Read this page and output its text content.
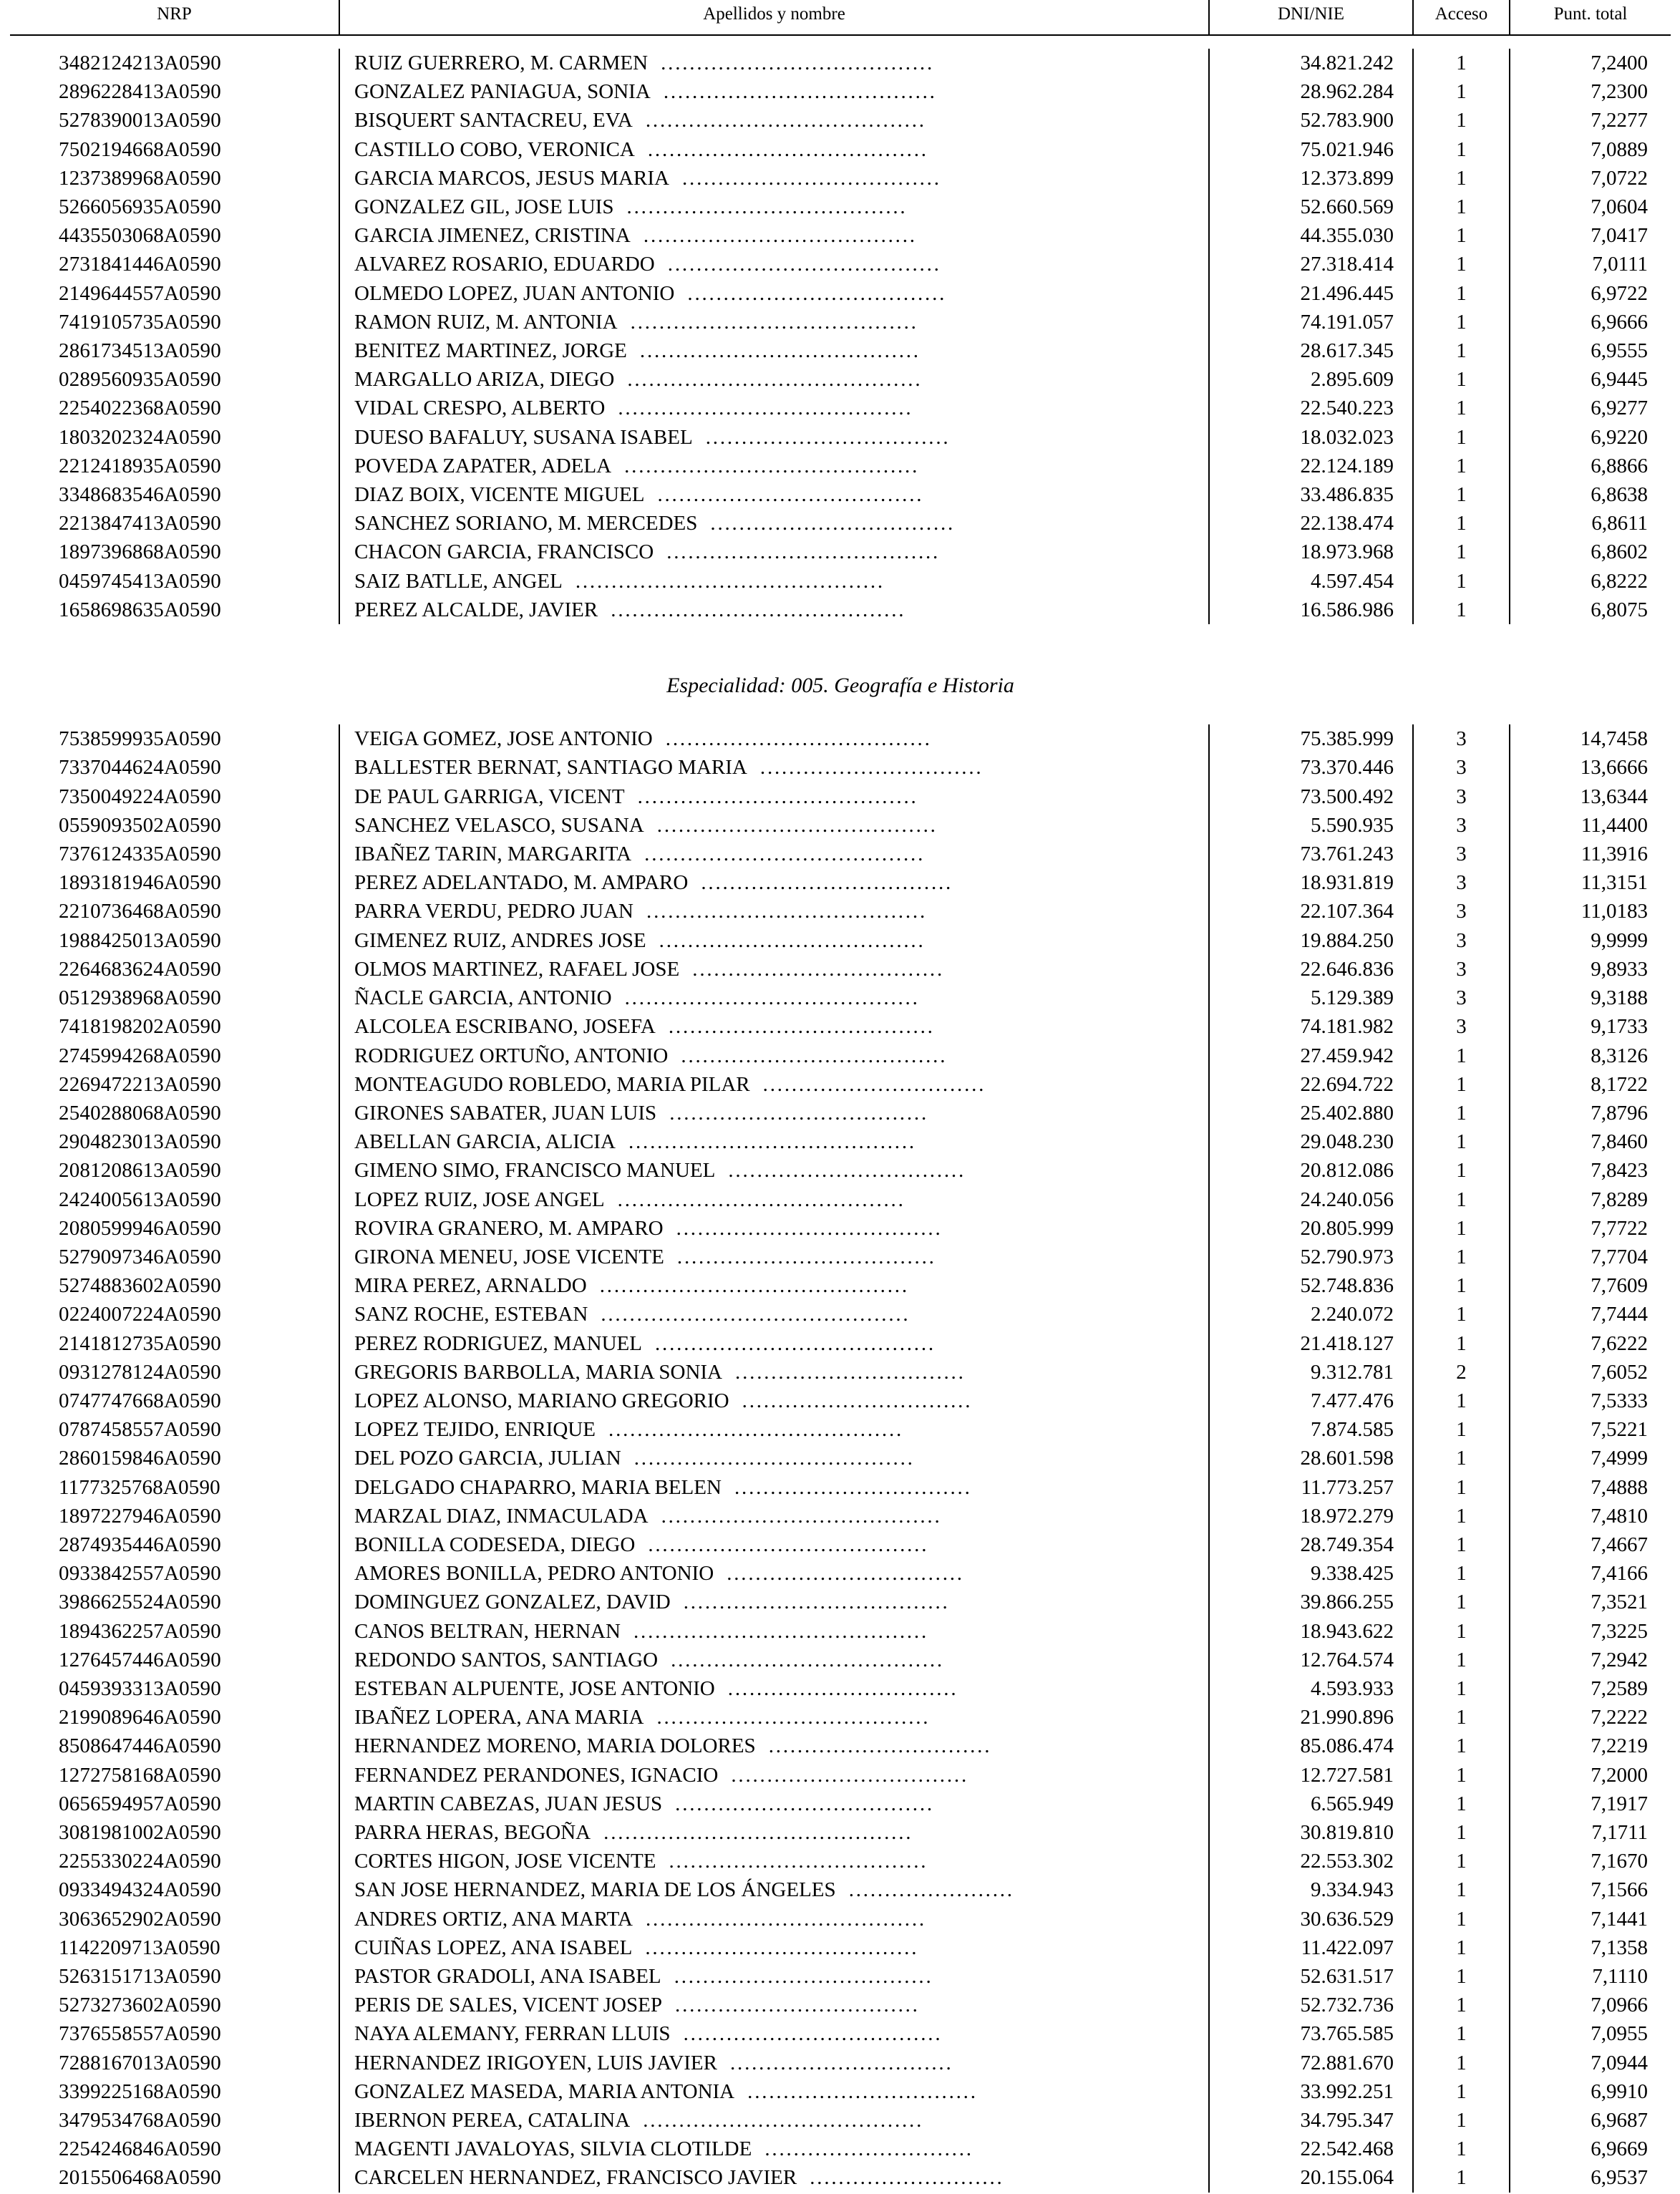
NRP	Apellidos y nombre	DNI/NIE	Acceso	Punt. total

3482124213A0590	RUIZ GUERRERO, M. CARMEN ......................................	34.821.242	1	7,2400
2896228413A0590	GONZALEZ PANIAGUA, SONIA ......................................	28.962.284	1	7,2300
5278390013A0590	BISQUERT SANTACREU, EVA .......................................	52.783.900	1	7,2277
7502194668A0590	CASTILLO COBO, VERONICA .......................................	75.021.946	1	7,0889
1237389968A0590	GARCIA MARCOS, JESUS MARIA ....................................	12.373.899	1	7,0722
5266056935A0590	GONZALEZ GIL, JOSE LUIS .......................................	52.660.569	1	7,0604
4435503068A0590	GARCIA JIMENEZ, CRISTINA ......................................	44.355.030	1	7,0417
2731841446A0590	ALVAREZ ROSARIO, EDUARDO ......................................	27.318.414	1	7,0111
2149644557A0590	OLMEDO LOPEZ, JUAN ANTONIO ....................................	21.496.445	1	6,9722
7419105735A0590	RAMON RUIZ, M. ANTONIA ........................................	74.191.057	1	6,9666
2861734513A0590	BENITEZ MARTINEZ, JORGE .......................................	28.617.345	1	6,9555
0289560935A0590	MARGALLO ARIZA, DIEGO .........................................	2.895.609	1	6,9445
2254022368A0590	VIDAL CRESPO, ALBERTO .........................................	22.540.223	1	6,9277
1803202324A0590	DUESO BAFALUY, SUSANA ISABEL ..................................	18.032.023	1	6,9220
2212418935A0590	POVEDA ZAPATER, ADELA .........................................	22.124.189	1	6,8866
3348683546A0590	DIAZ BOIX, VICENTE MIGUEL .....................................	33.486.835	1	6,8638
2213847413A0590	SANCHEZ SORIANO, M. MERCEDES ..................................	22.138.474	1	6,8611
1897396868A0590	CHACON GARCIA, FRANCISCO ......................................	18.973.968	1	6,8602
0459745413A0590	SAIZ BATLLE, ANGEL ...........................................	4.597.454	1	6,8222
1658698635A0590	PEREZ ALCALDE, JAVIER .........................................	16.586.986	1	6,8075

Especialidad: 005. Geografía e Historia				
7538599935A0590	VEIGA GOMEZ, JOSE ANTONIO .....................................	75.385.999	3	14,7458
7337044624A0590	BALLESTER BERNAT, SANTIAGO MARIA ...............................	73.370.446	3	13,6666
7350049224A0590	DE PAUL GARRIGA, VICENT .......................................	73.500.492	3	13,6344
0559093502A0590	SANCHEZ VELASCO, SUSANA .......................................	5.590.935	3	11,4400
7376124335A0590	IBAÑEZ TARIN, MARGARITA .......................................	73.761.243	3	11,3916
1893181946A0590	PEREZ ADELANTADO, M. AMPARO ...................................	18.931.819	3	11,3151
2210736468A0590	PARRA VERDU, PEDRO JUAN .......................................	22.107.364	3	11,0183
1988425013A0590	GIMENEZ RUIZ, ANDRES JOSE .....................................	19.884.250	3	9,9999
2264683624A0590	OLMOS MARTINEZ, RAFAEL JOSE ...................................	22.646.836	3	9,8933
0512938968A0590	ÑACLE GARCIA, ANTONIO .........................................	5.129.389	3	9,3188
7418198202A0590	ALCOLEA ESCRIBANO, JOSEFA .....................................	74.181.982	3	9,1733
2745994268A0590	RODRIGUEZ ORTUÑO, ANTONIO .....................................	27.459.942	1	8,3126
2269472213A0590	MONTEAGUDO ROBLEDO, MARIA PILAR ...............................	22.694.722	1	8,1722
2540288068A0590	GIRONES SABATER, JUAN LUIS ....................................	25.402.880	1	7,8796
2904823013A0590	ABELLAN GARCIA, ALICIA ........................................	29.048.230	1	7,8460
2081208613A0590	GIMENO SIMO, FRANCISCO MANUEL .................................	20.812.086	1	7,8423
2424005613A0590	LOPEZ RUIZ, JOSE ANGEL ........................................	24.240.056	1	7,8289
2080599946A0590	ROVIRA GRANERO, M. AMPARO .....................................	20.805.999	1	7,7722
5279097346A0590	GIRONA MENEU, JOSE VICENTE ....................................	52.790.973	1	7,7704
5274883602A0590	MIRA PEREZ, ARNALDO ...........................................	52.748.836	1	7,7609
0224007224A0590	SANZ ROCHE, ESTEBAN ...........................................	2.240.072	1	7,7444
2141812735A0590	PEREZ RODRIGUEZ, MANUEL .......................................	21.418.127	1	7,6222
0931278124A0590	GREGORIS BARBOLLA, MARIA SONIA ................................	9.312.781	2	7,6052
0747747668A0590	LOPEZ ALONSO, MARIANO GREGORIO ................................	7.477.476	1	7,5333
0787458557A0590	LOPEZ TEJIDO, ENRIQUE .........................................	7.874.585	1	7,5221
2860159846A0590	DEL POZO GARCIA, JULIAN .......................................	28.601.598	1	7,4999
1177325768A0590	DELGADO CHAPARRO, MARIA BELEN .................................	11.773.257	1	7,4888
1897227946A0590	MARZAL DIAZ, INMACULADA .......................................	18.972.279	1	7,4810
2874935446A0590	BONILLA CODESEDA, DIEGO .......................................	28.749.354	1	7,4667
0933842557A0590	AMORES BONILLA, PEDRO ANTONIO .................................	9.338.425	1	7,4166
3986625524A0590	DOMINGUEZ GONZALEZ, DAVID .....................................	39.866.255	1	7,3521
1894362257A0590	CANOS BELTRAN, HERNAN .........................................	18.943.622	1	7,3225
1276457446A0590	REDONDO SANTOS, SANTIAGO ......................................	12.764.574	1	7,2942
0459393313A0590	ESTEBAN ALPUENTE, JOSE ANTONIO ................................	4.593.933	1	7,2589
2199089646A0590	IBAÑEZ LOPERA, ANA MARIA ......................................	21.990.896	1	7,2222
8508647446A0590	HERNANDEZ MORENO, MARIA DOLORES ...............................	85.086.474	1	7,2219
1272758168A0590	FERNANDEZ PERANDONES, IGNACIO .................................	12.727.581	1	7,2000
0656594957A0590	MARTIN CABEZAS, JUAN JESUS ....................................	6.565.949	1	7,1917
3081981002A0590	PARRA HERAS, BEGOÑA ...........................................	30.819.810	1	7,1711
2255330224A0590	CORTES HIGON, JOSE VICENTE ....................................	22.553.302	1	7,1670
0933494324A0590	SAN JOSE HERNANDEZ, MARIA DE LOS ÁNGELES .......................	9.334.943	1	7,1566
3063652902A0590	ANDRES ORTIZ, ANA MARTA .......................................	30.636.529	1	7,1441
1142209713A0590	CUIÑAS LOPEZ, ANA ISABEL ......................................	11.422.097	1	7,1358
5263151713A0590	PASTOR GRADOLI, ANA ISABEL ....................................	52.631.517	1	7,1110
5273273602A0590	PERIS DE SALES, VICENT JOSEP ..................................	52.732.736	1	7,0966
7376558557A0590	NAYA ALEMANY, FERRAN LLUIS ....................................	73.765.585	1	7,0955
7288167013A0590	HERNANDEZ IRIGOYEN, LUIS JAVIER ...............................	72.881.670	1	7,0944
3399225168A0590	GONZALEZ MASEDA, MARIA ANTONIA ................................	33.992.251	1	6,9910
3479534768A0590	IBERNON PEREA, CATALINA .......................................	34.795.347	1	6,9687
2254246846A0590	MAGENTI JAVALOYAS, SILVIA CLOTILDE .............................	22.542.468	1	6,9669
2015506468A0590	CARCELEN HERNANDEZ, FRANCISCO JAVIER ...........................	20.155.064	1	6,9537
